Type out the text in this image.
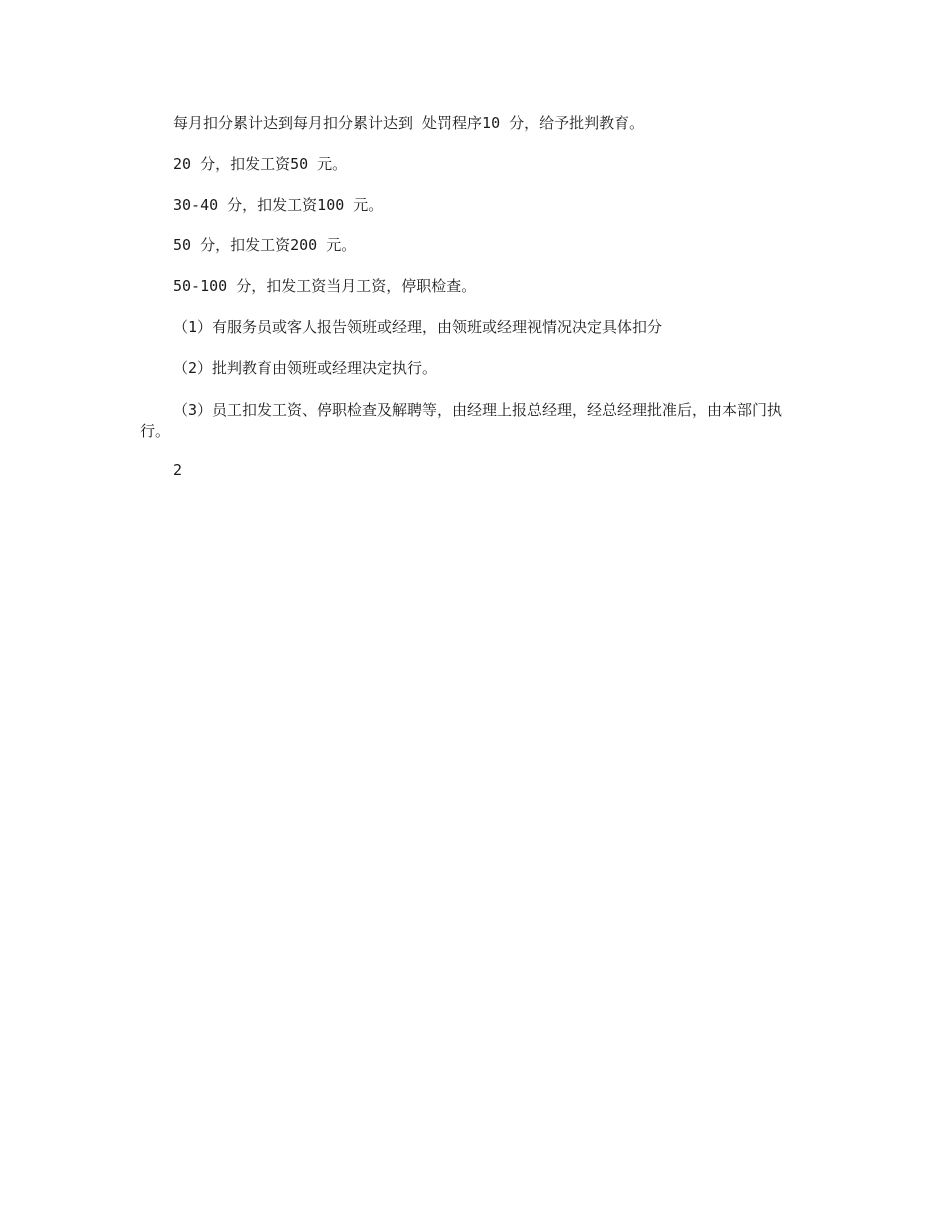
每月扣分累计达到每月扣分累计达到 处罚程序10 分，给予批判教育。

20 分，扣发工资50 元。

30-40 分，扣发工资100 元。

50 分，扣发工资200 元。

50-100 分，扣发工资当月工资，停职检查。

（1）有服务员或客人报告领班或经理，由领班或经理视情况决定具体扣分

（2）批判教育由领班或经理决定执行。

（3）员工扣发工资、停职检查及解聘等，由经理上报总经理，经总经理批准后，由本部门执行。

2
